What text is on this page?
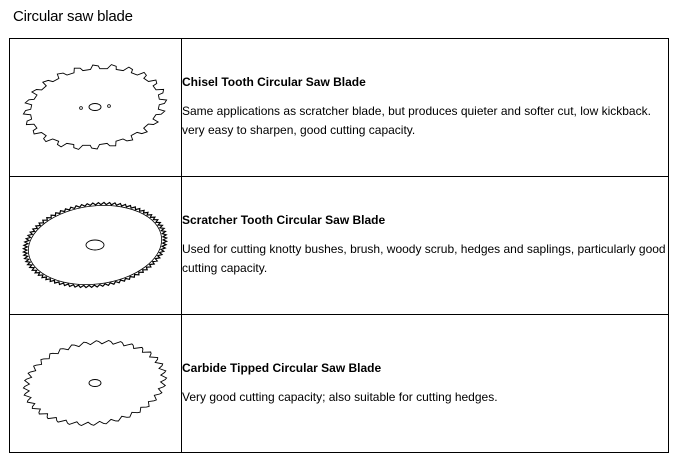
Circular saw blade

Chisel Tooth Circular Saw Blade

Same applications as scratcher blade, but produces quieter and softer cut, low kickback. very easy to sharpen, good cutting capacity.

Scratcher Tooth Circular Saw Blade

Used for cutting knotty bushes, brush, woody scrub, hedges and saplings, particularly good cutting capacity.

Carbide Tipped Circular Saw Blade

Very good cutting capacity; also suitable for cutting hedges.
